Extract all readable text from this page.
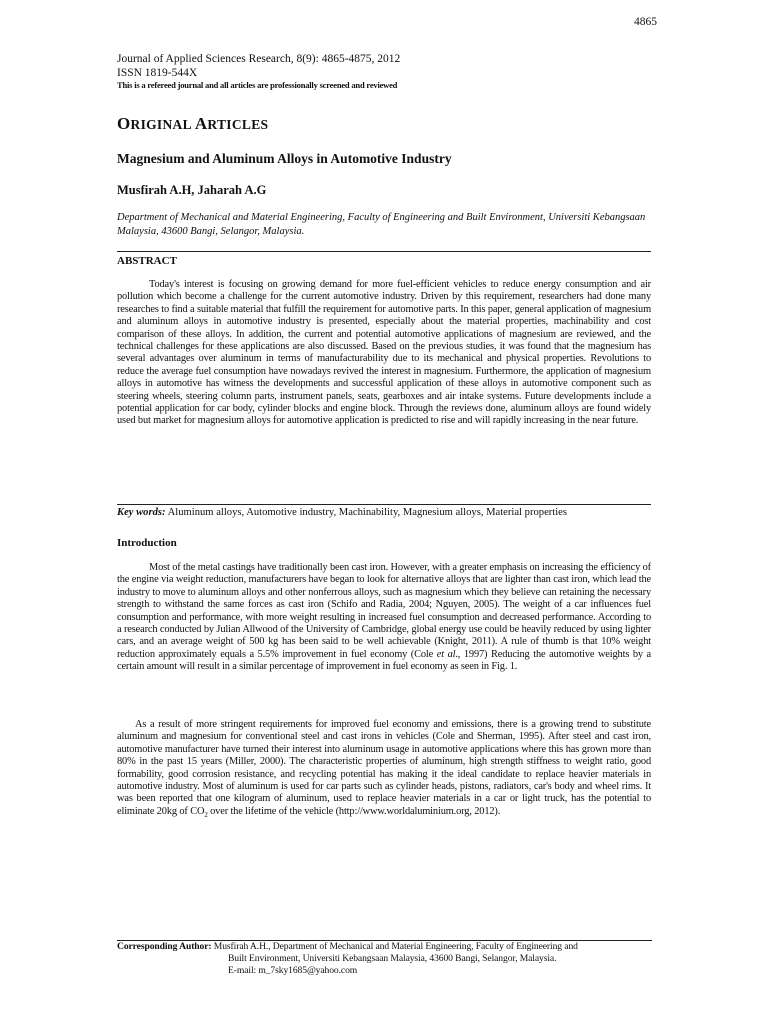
4865
Journal of Applied Sciences Research, 8(9): 4865-4875, 2012
ISSN 1819-544X
This is a refereed journal and all articles are professionally screened and reviewed
ORIGINAL ARTICLES
Magnesium and Aluminum Alloys in Automotive Industry
Musfirah A.H, Jaharah A.G
Department of Mechanical and Material Engineering, Faculty of Engineering and Built Environment, Universiti Kebangsaan Malaysia, 43600 Bangi, Selangor, Malaysia.
ABSTRACT
Today's interest is focusing on growing demand for more fuel-efficient vehicles to reduce energy consumption and air pollution which become a challenge for the current automotive industry. Driven by this requirement, researchers had done many researches to find a suitable material that fulfill the requirement for automotive parts. In this paper, general application of magnesium and aluminum alloys in automotive industry is presented, especially about the material properties, machinability and cost comparison of these alloys. In addition, the current and potential automotive applications of magnesium are reviewed, and the technical challenges for these applications are also discussed. Based on the previous studies, it was found that the magnesium has several advantages over aluminum in terms of manufacturability due to its mechanical and physical properties. Revolutions to reduce the average fuel consumption have nowadays revived the interest in magnesium. Furthermore, the application of magnesium alloys in automotive has witness the developments and successful application of these alloys in automotive component such as steering wheels, steering column parts, instrument panels, seats, gearboxes and air intake systems. Future developments include a potential application for car body, cylinder blocks and engine block. Through the reviews done, aluminum alloys are found widely used but market for magnesium alloys for automotive application is predicted to rise and will rapidly increasing in the near future.
Key words: Aluminum alloys, Automotive industry, Machinability, Magnesium alloys, Material properties
Introduction
Most of the metal castings have traditionally been cast iron. However, with a greater emphasis on increasing the efficiency of the engine via weight reduction, manufacturers have began to look for alternative alloys that are lighter than cast iron, which lead the industry to move to aluminum alloys and other nonferrous alloys, such as magnesium which they believe can retaining the necessary strength to withstand the same forces as cast iron (Schifo and Radia, 2004; Nguyen, 2005). The weight of a car influences fuel consumption and performance, with more weight resulting in increased fuel consumption and decreased performance. According to a research conducted by Julian Allwood of the University of Cambridge, global energy use could be heavily reduced by using lighter cars, and an average weight of 500 kg has been said to be well achievable (Knight, 2011). A rule of thumb is that 10% weight reduction approximately equals a 5.5% improvement in fuel economy (Cole et al., 1997) Reducing the automotive weights by a certain amount will result in a similar percentage of improvement in fuel economy as seen in Fig. 1.
As a result of more stringent requirements for improved fuel economy and emissions, there is a growing trend to substitute aluminum and magnesium for conventional steel and cast irons in vehicles (Cole and Sherman, 1995). After steel and cast iron, automotive manufacturer have turned their interest into aluminum usage in automotive applications where this has grown more than 80% in the past 15 years (Miller, 2000). The characteristic properties of aluminum, high strength stiffness to weight ratio, good formability, good corrosion resistance, and recycling potential has making it the ideal candidate to replace heavier materials in automotive industry. Most of aluminum is used for car parts such as cylinder heads, pistons, radiators, car's body and wheel rims. It was been reported that one kilogram of aluminum, used to replace heavier materials in a car or light truck, has the potential to eliminate 20kg of $CO_2$ over the lifetime of the vehicle (http://www.worldaluminium.org, 2012).
Corresponding Author: Musfirah A.H., Department of Mechanical and Material Engineering, Faculty of Engineering and
Built Environment, Universiti Kebangsaan Malaysia, 43600 Bangi, Selangor, Malaysia.
E-mail: m_7sky1685@yahoo.com
